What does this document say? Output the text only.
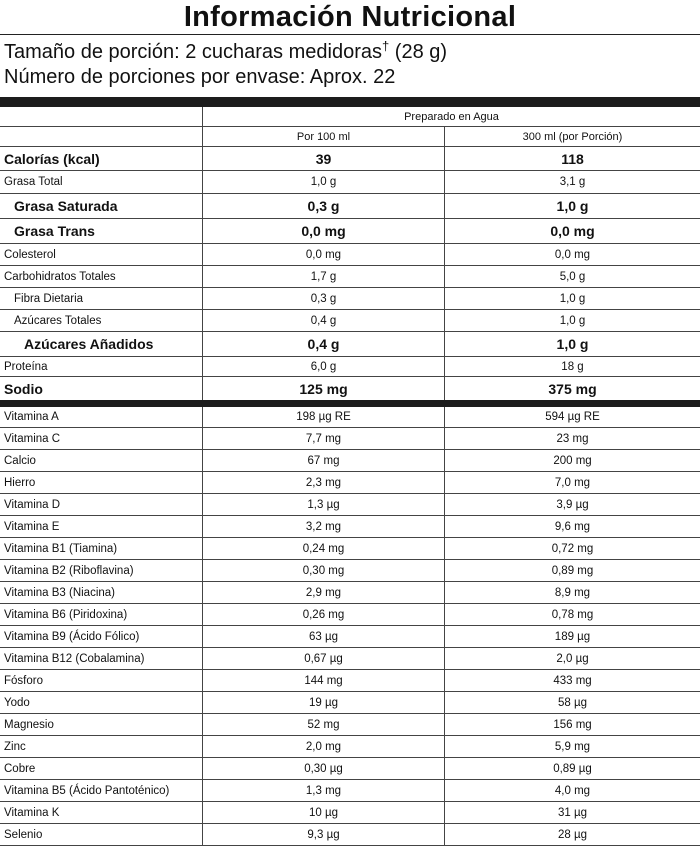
Información Nutricional
Tamaño de porción: 2 cucharas medidoras† (28 g)
Número de porciones por envase: Aprox. 22
Preparado en Agua
Por 100 ml	300 ml (por Porción)
Calorías (kcal)	39	118
Grasa Total	1,0 g	3,1 g
Grasa Saturada	0,3 g	1,0 g
Grasa Trans	0,0 mg	0,0 mg
Colesterol	0,0 mg	0,0 mg
Carbohidratos Totales	1,7 g	5,0 g
Fibra Dietaria	0,3 g	1,0 g
Azúcares Totales	0,4 g	1,0 g
Azúcares Añadidos	0,4 g	1,0 g
Proteína	6,0 g	18 g
Sodio	125 mg	375 mg
Vitamina A	198 µg RE	594 µg RE
Vitamina C	7,7 mg	23 mg
Calcio	67 mg	200 mg
Hierro	2,3 mg	7,0 mg
Vitamina D	1,3 µg	3,9 µg
Vitamina E	3,2 mg	9,6 mg
Vitamina B1 (Tiamina)	0,24 mg	0,72 mg
Vitamina B2 (Riboflavina)	0,30 mg	0,89 mg
Vitamina B3 (Niacina)	2,9 mg	8,9 mg
Vitamina B6 (Piridoxina)	0,26 mg	0,78 mg
Vitamina B9 (Ácido Fólico)	63 µg	189 µg
Vitamina B12 (Cobalamina)	0,67 µg	2,0 µg
Fósforo	144 mg	433 mg
Yodo	19 µg	58 µg
Magnesio	52 mg	156 mg
Zinc	2,0 mg	5,9 mg
Cobre	0,30 µg	0,89 µg
Vitamina B5 (Ácido Pantoténico)	1,3 mg	4,0 mg
Vitamina K	10 µg	31 µg
Selenio	9,3 µg	28 µg
